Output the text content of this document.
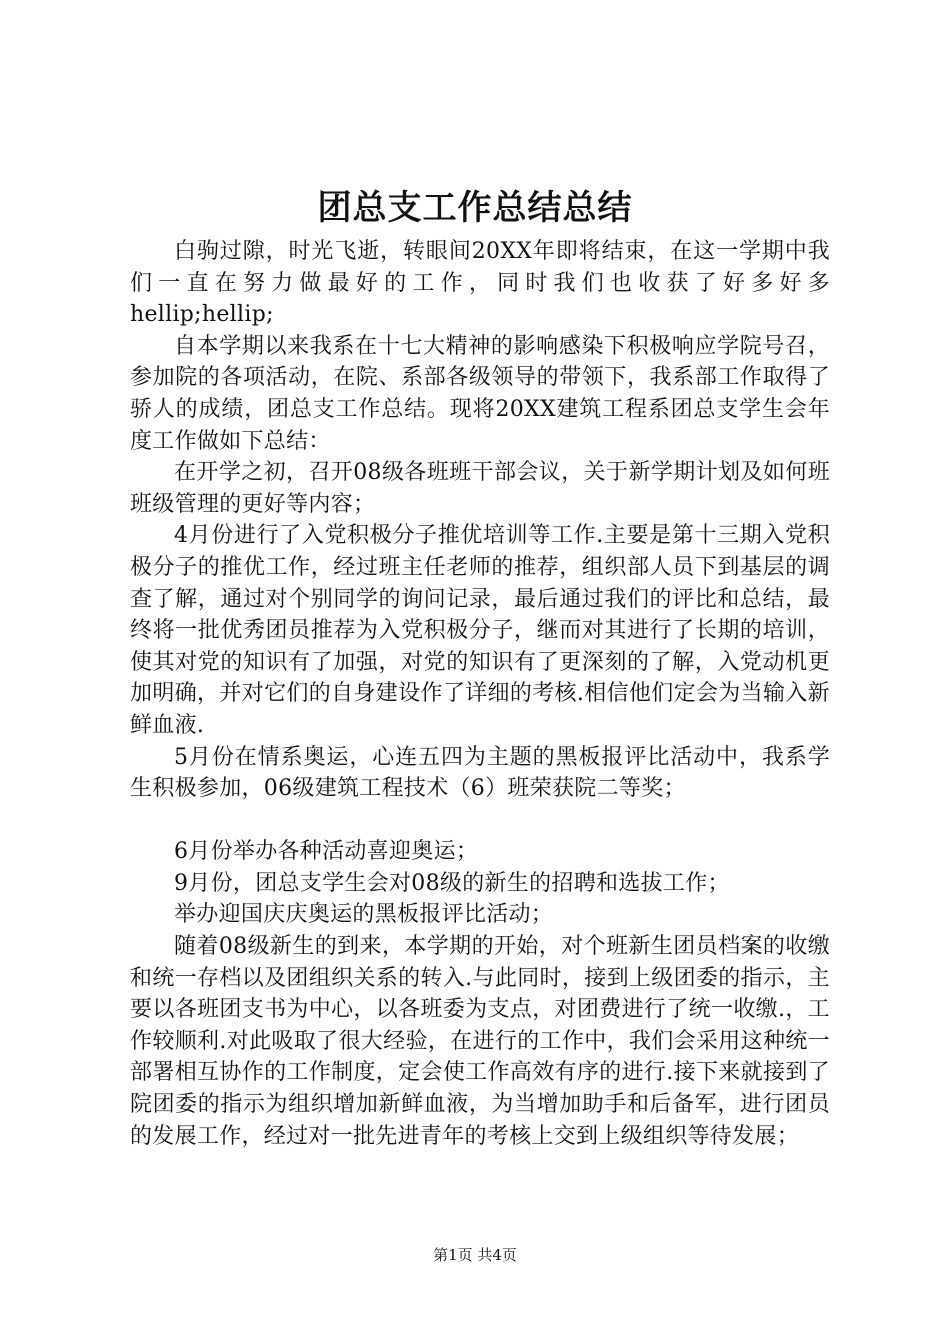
团总支工作总结总结

白驹过隙，时光飞逝，转眼间20XX年即将结束，在这一学期中我们一直在努力做最好的工作，同时我们也收获了好多好多hellip;hellip;

自本学期以来我系在十七大精神的影响感染下积极响应学院号召，参加院的各项活动，在院、系部各级领导的带领下，我系部工作取得了骄人的成绩，团总支工作总结。现将20XX建筑工程系团总支学生会年度工作做如下总结：

在开学之初，召开08级各班班干部会议，关于新学期计划及如何班班级管理的更好等内容；

4月份进行了入党积极分子推优培训等工作.主要是第十三期入党积极分子的推优工作，经过班主任老师的推荐，组织部人员下到基层的调查了解，通过对个别同学的询问记录，最后通过我们的评比和总结，最终将一批优秀团员推荐为入党积极分子，继而对其进行了长期的培训，使其对党的知识有了加强，对党的知识有了更深刻的了解，入党动机更加明确，并对它们的自身建设作了详细的考核.相信他们定会为当输入新鲜血液.

5月份在情系奥运，心连五四为主题的黑板报评比活动中，我系学生积极参加，06级建筑工程技术（6）班荣获院二等奖；

6月份举办各种活动喜迎奥运；

9月份，团总支学生会对08级的新生的招聘和选拔工作；

举办迎国庆庆奥运的黑板报评比活动；

随着08级新生的到来，本学期的开始，对个班新生团员档案的收缴和统一存档以及团组织关系的转入.与此同时，接到上级团委的指示，主要以各班团支书为中心，以各班委为支点，对团费进行了统一收缴.，工作较顺利.对此吸取了很大经验，在进行的工作中，我们会采用这种统一部署相互协作的工作制度，定会使工作高效有序的进行.接下来就接到了院团委的指示为组织增加新鲜血液，为当增加助手和后备军，进行团员的发展工作，经过对一批先进青年的考核上交到上级组织等待发展；

第1页 共4页
